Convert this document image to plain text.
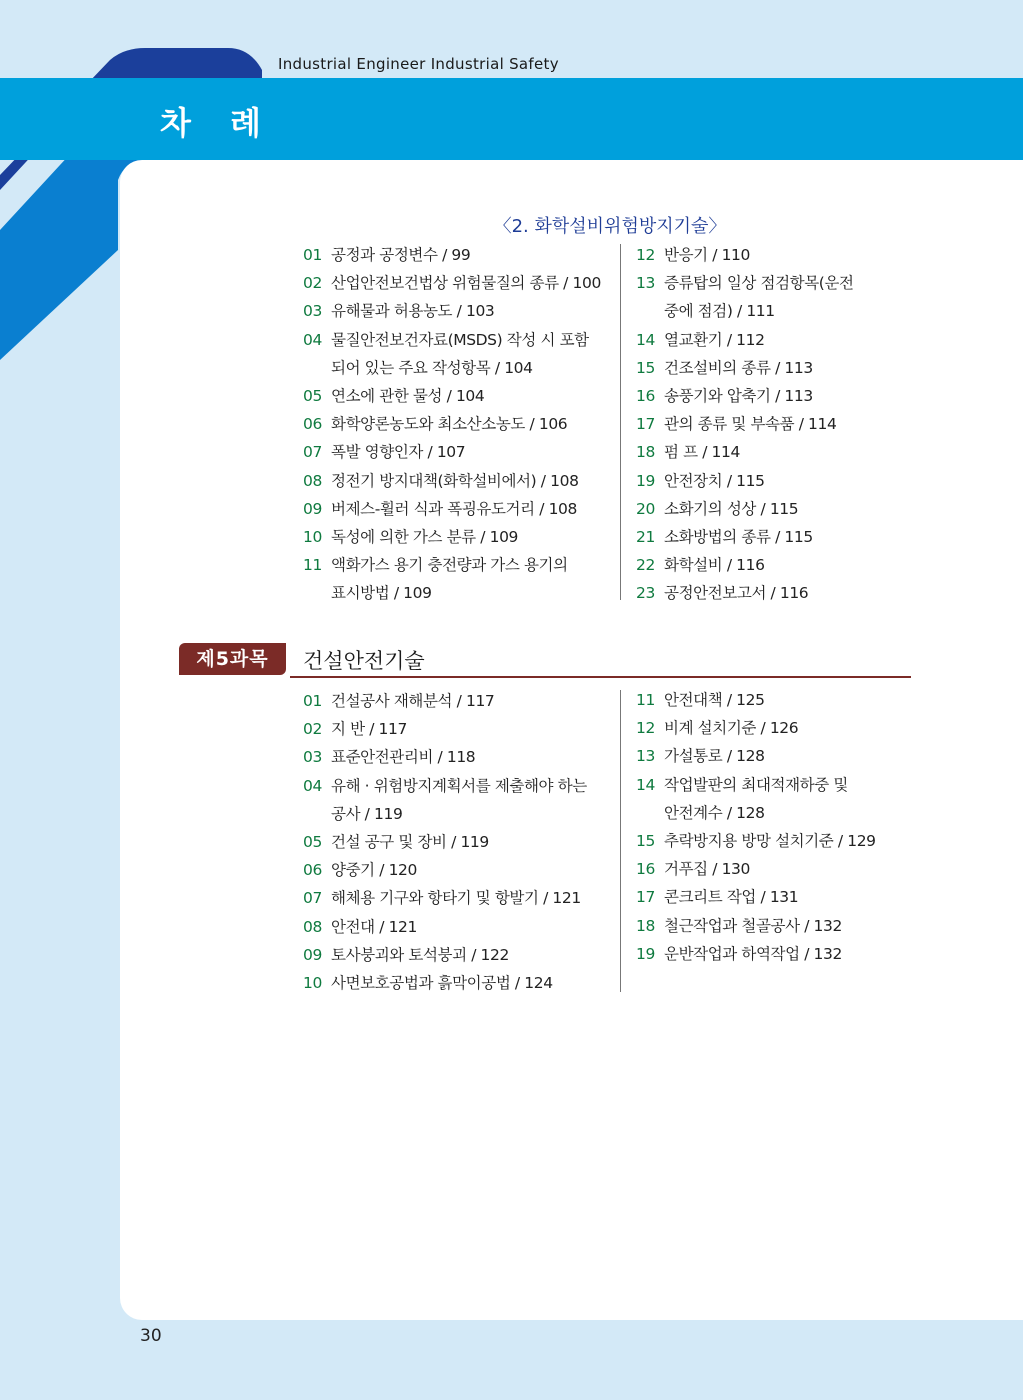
Industrial Engineer Industrial Safety
차 례
〈2. 화학설비위험방지기술〉
01 공정과 공정변수 / 99
02 산업안전보건법상 위험물질의 종류 / 100
03 유해물과 허용농도 / 103
04 물질안전보건자료(MSDS) 작성 시 포함
되어 있는 주요 작성항목 / 104
05 연소에 관한 물성 / 104
06 화학양론농도와 최소산소농도 / 106
07 폭발 영향인자 / 107
08 정전기 방지대책(화학설비에서) / 108
09 버제스-휠러 식과 폭굉유도거리 / 108
10 독성에 의한 가스 분류 / 109
11 액화가스 용기 충전량과 가스 용기의
표시방법 / 109
12 반응기 / 110
13 증류탑의 일상 점검항목(운전
중에 점검) / 111
14 열교환기 / 112
15 건조설비의 종류 / 113
16 송풍기와 압축기 / 113
17 관의 종류 및 부속품 / 114
18 펌 프 / 114
19 안전장치 / 115
20 소화기의 성상 / 115
21 소화방법의 종류 / 115
22 화학설비 / 116
23 공정안전보고서 / 116
제5과목	건설안전기술
01 건설공사 재해분석 / 117
02 지 반 / 117
03 표준안전관리비 / 118
04 유해 · 위험방지계획서를 제출해야 하는
공사 / 119
05 건설 공구 및 장비 / 119
06 양중기 / 120
07 해체용 기구와 항타기 및 항발기 / 121
08 안전대 / 121
09 토사붕괴와 토석붕괴 / 122
10 사면보호공법과 흙막이공법 / 124
11 안전대책 / 125
12 비계 설치기준 / 126
13 가설통로 / 128
14 작업발판의 최대적재하중 및
안전계수 / 128
15 추락방지용 방망 설치기준 / 129
16 거푸집 / 130
17 콘크리트 작업 / 131
18 철근작업과 철골공사 / 132
19 운반작업과 하역작업 / 132
30
